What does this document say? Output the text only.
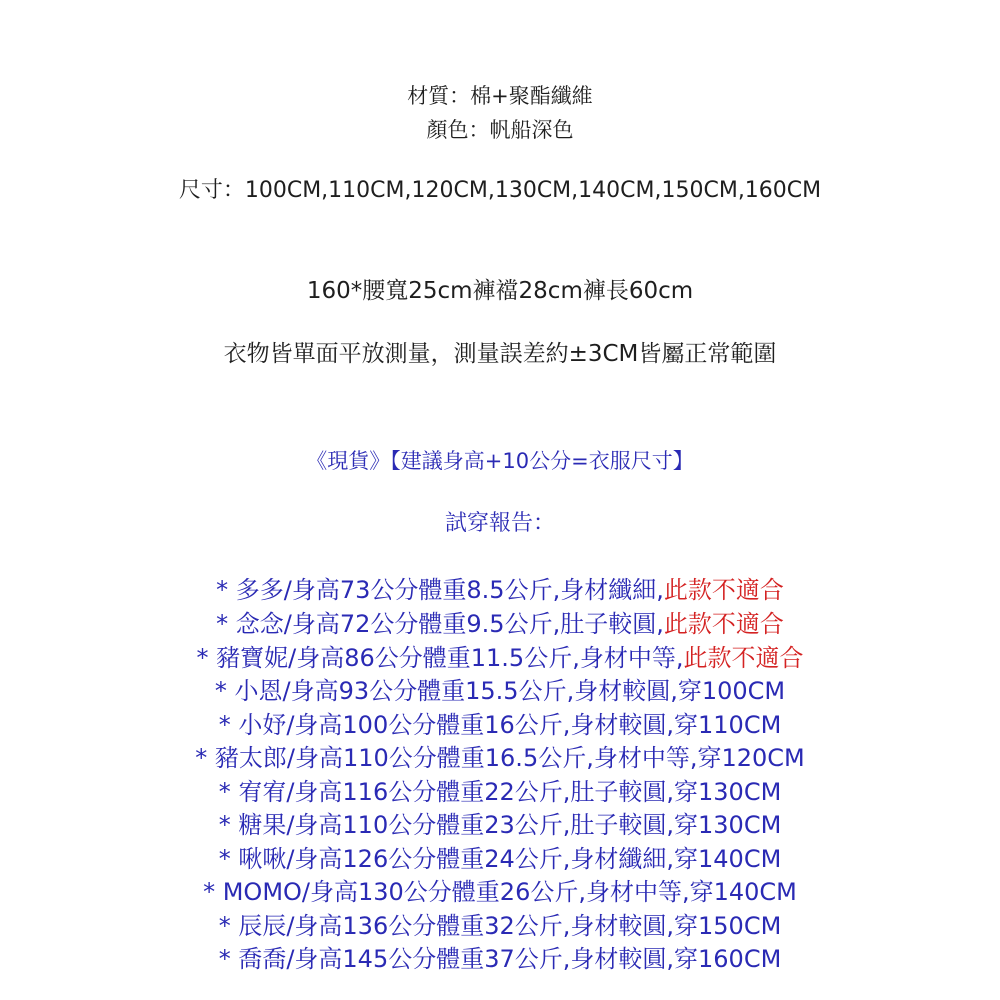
材質：棉+聚酯纖維

顏色：帆船深色

尺寸：100CM,110CM,120CM,130CM,140CM,150CM,160CM

160*腰寬25cm褲襠28cm褲長60cm

衣物皆單面平放測量，測量誤差約±3CM皆屬正常範圍

《現貨》【建議身高+10公分=衣服尺寸】

試穿報告：

* 多多/身高73公分體重8.5公斤,身材纖細,此款不適合

* 念念/身高72公分體重9.5公斤,肚子較圓,此款不適合

* 豬寶妮/身高86公分體重11.5公斤,身材中等,此款不適合

* 小恩/身高93公分體重15.5公斤,身材較圓,穿100CM

* 小妤/身高100公分體重16公斤,身材較圓,穿110CM

* 豬太郎/身高110公分體重16.5公斤,身材中等,穿120CM

* 宥宥/身高116公分體重22公斤,肚子較圓,穿130CM

* 糖果/身高110公分體重23公斤,肚子較圓,穿130CM

* 啾啾/身高126公分體重24公斤,身材纖細,穿140CM

* MOMO/身高130公分體重26公斤,身材中等,穿140CM

* 辰辰/身高136公分體重32公斤,身材較圓,穿150CM

* 喬喬/身高145公分體重37公斤,身材較圓,穿160CM
